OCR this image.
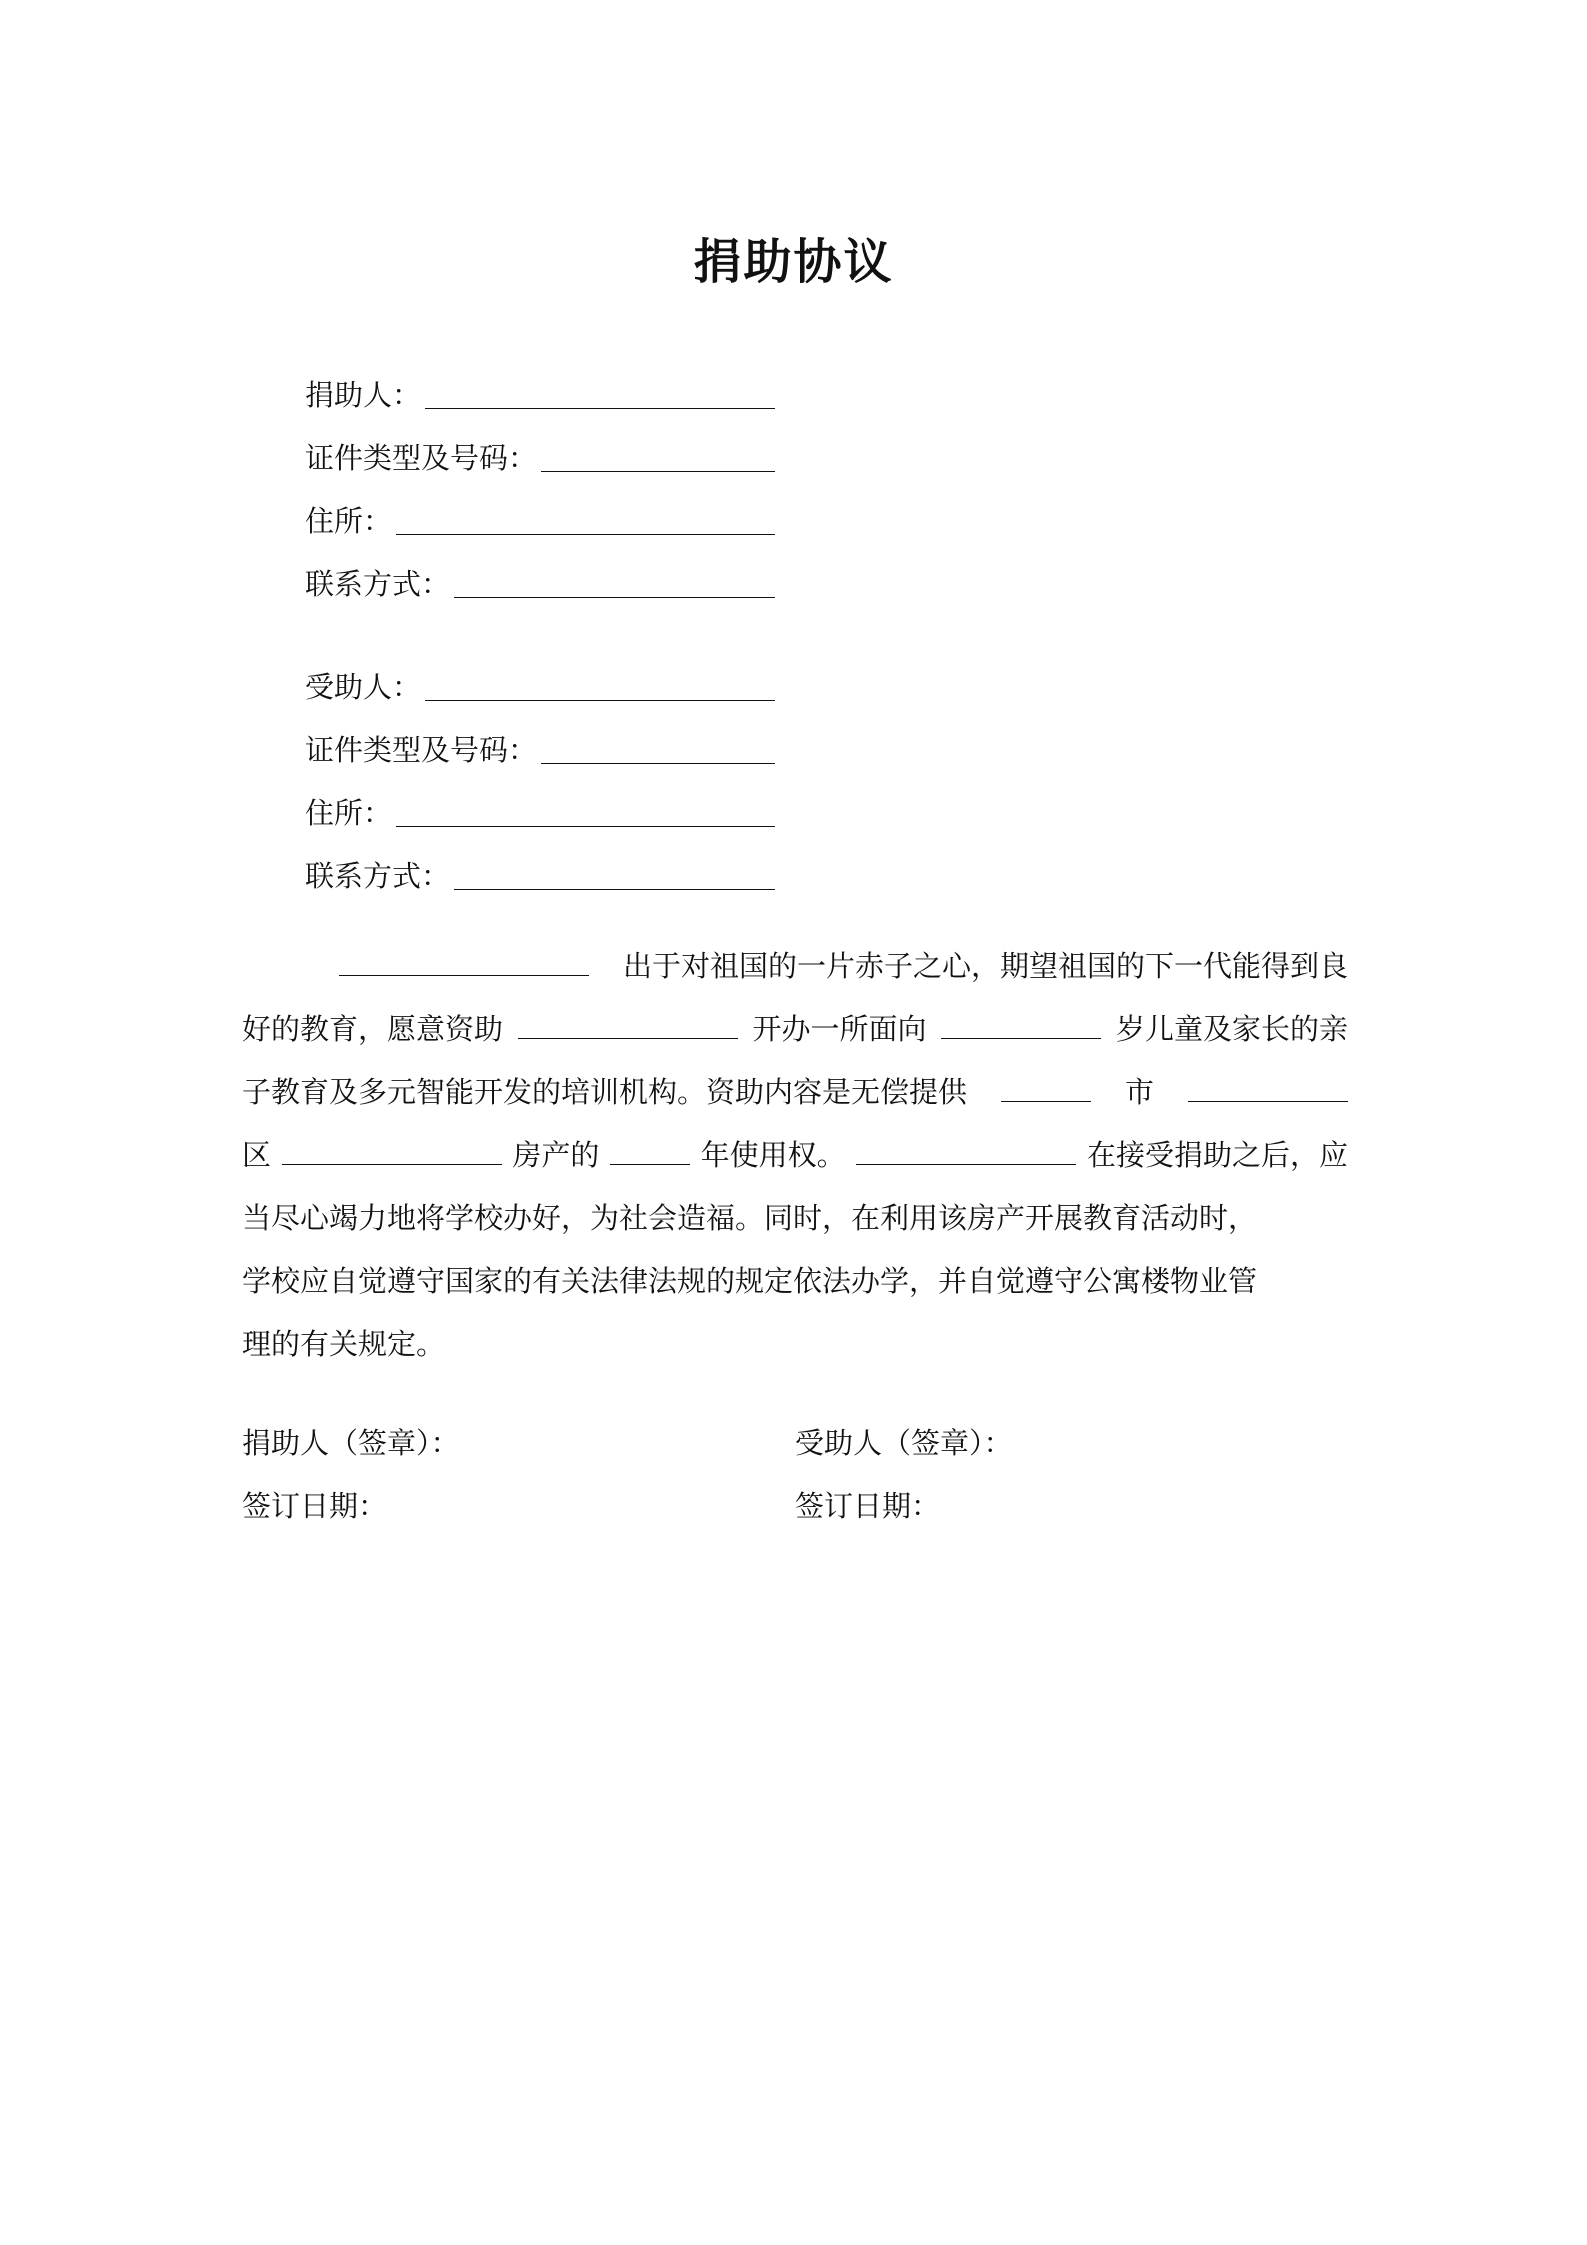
捐助协议
捐助人：
证件类型及号码：
住所：
联系方式：
受助人：
证件类型及号码：
住所：
联系方式：
出于对祖国的一片赤子之心，期望祖国的下一代能得到良
好的教育，愿意资助	开办一所面向	岁儿童及家长的亲
子教育及多元智能开发的培训机构。资助内容是无偿提供	市
区	房产的	年使用权。	在接受捐助之后，应
当尽心竭力地将学校办好，为社会造福。同时，在利用该房产开展教育活动时，
学校应自觉遵守国家的有关法律法规的规定依法办学，并自觉遵守公寓楼物业管
理的有关规定。
捐助人（签章）：	受助人（签章）：
签订日期：	签订日期：
